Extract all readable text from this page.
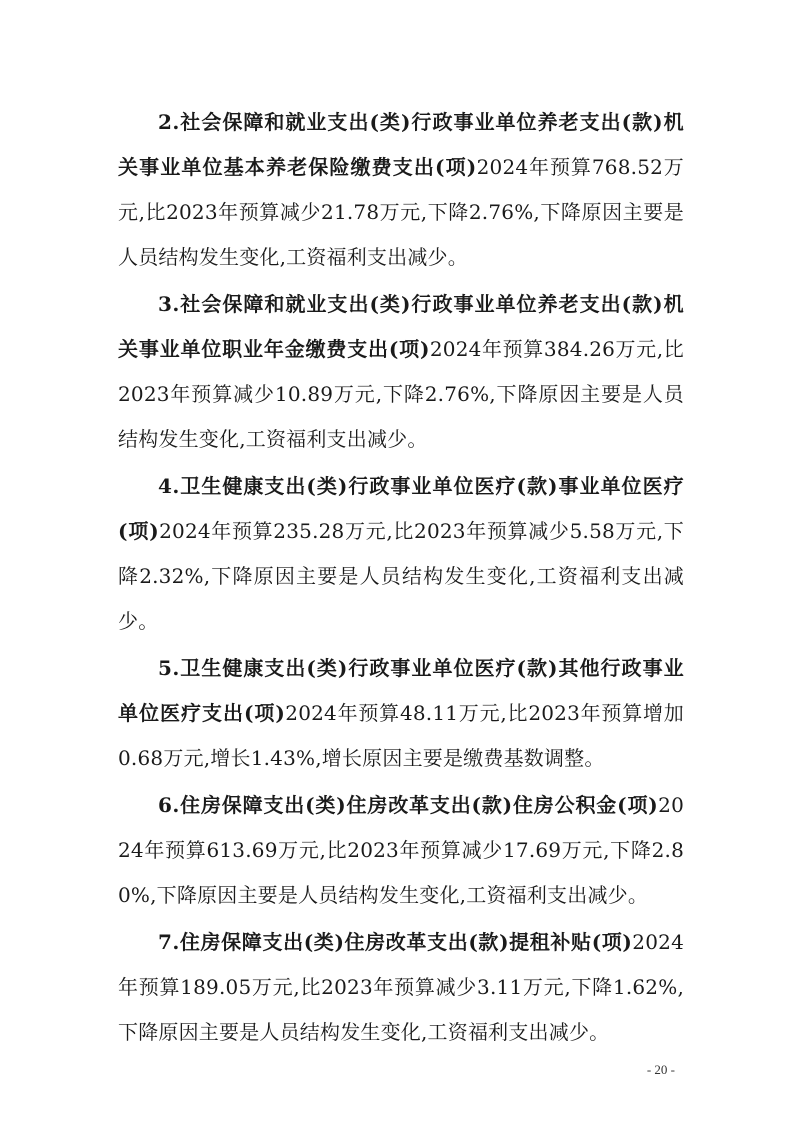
2.社会保障和就业支出(类)行政事业单位养老支出(款)机关事业单位基本养老保险缴费支出(项)2024年预算768.52万元,比2023年预算减少21.78万元,下降2.76%,下降原因主要是人员结构发生变化,工资福利支出减少。

3.社会保障和就业支出(类)行政事业单位养老支出(款)机关事业单位职业年金缴费支出(项)2024年预算384.26万元,比2023年预算减少10.89万元,下降2.76%,下降原因主要是人员结构发生变化,工资福利支出减少。

4.卫生健康支出(类)行政事业单位医疗(款)事业单位医疗(项)2024年预算235.28万元,比2023年预算减少5.58万元,下降2.32%,下降原因主要是人员结构发生变化,工资福利支出减少。

5.卫生健康支出(类)行政事业单位医疗(款)其他行政事业单位医疗支出(项)2024年预算48.11万元,比2023年预算增加0.68万元,增长1.43%,增长原因主要是缴费基数调整。

6.住房保障支出(类)住房改革支出(款)住房公积金(项)2024年预算613.69万元,比2023年预算减少17.69万元,下降2.80%,下降原因主要是人员结构发生变化,工资福利支出减少。

7.住房保障支出(类)住房改革支出(款)提租补贴(项)2024年预算189.05万元,比2023年预算减少3.11万元,下降1.62%,下降原因主要是人员结构发生变化,工资福利支出减少。

- 20 -
